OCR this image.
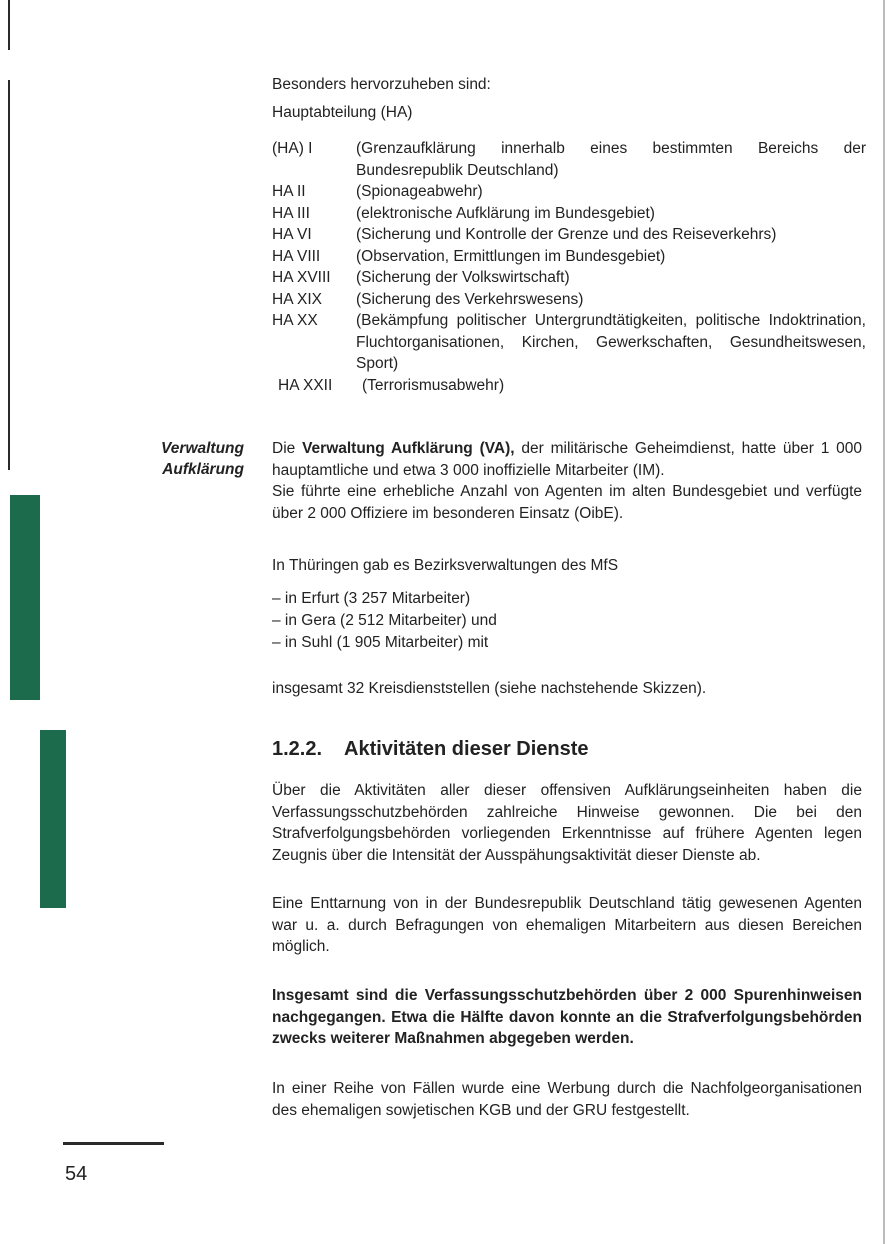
Besonders hervorzuheben sind:
Hauptabteilung (HA)
(HA) I	(Grenzaufklärung innerhalb eines bestimmten Bereichs der Bundesrepublik Deutschland)
HA II	(Spionageabwehr)
HA III	(elektronische Aufklärung im Bundesgebiet)
HA VI	(Sicherung und Kontrolle der Grenze und des Reiseverkehrs)
HA VIII	(Observation, Ermittlungen im Bundesgebiet)
HA XVIII	(Sicherung der Volkswirtschaft)
HA XIX	(Sicherung des Verkehrswesens)
HA XX	(Bekämpfung politischer Untergrundtätigkeiten, politische Indoktrination, Fluchtorganisationen, Kirchen, Gewerkschaften, Gesundheitswesen, Sport)
HA XXII	(Terrorismusabwehr)
Verwaltung
Aufklärung
Die Verwaltung Aufklärung (VA), der militärische Geheimdienst, hatte über 1 000 hauptamtliche und etwa 3 000 inoffizielle Mitarbeiter (IM).
Sie führte eine erhebliche Anzahl von Agenten im alten Bundesgebiet und verfügte über 2 000 Offiziere im besonderen Einsatz (OibE).
In Thüringen gab es Bezirksverwaltungen des MfS
– in Erfurt (3 257 Mitarbeiter)
– in Gera (2 512 Mitarbeiter) und
– in Suhl (1 905 Mitarbeiter) mit
insgesamt 32 Kreisdienststellen (siehe nachstehende Skizzen).
1.2.2. Aktivitäten dieser Dienste
Über die Aktivitäten aller dieser offensiven Aufklärungseinheiten haben die Verfassungsschutzbehörden zahlreiche Hinweise gewonnen. Die bei den Strafverfolgungsbehörden vorliegenden Erkenntnisse auf frühere Agenten legen Zeugnis über die Intensität der Ausspähungsaktivität dieser Dienste ab.
Eine Enttarnung von in der Bundesrepublik Deutschland tätig gewesenen Agenten war u. a. durch Befragungen von ehemaligen Mitarbeitern aus diesen Bereichen möglich.
Insgesamt sind die Verfassungsschutzbehörden über 2 000 Spurenhinweisen nachgegangen. Etwa die Hälfte davon konnte an die Strafverfolgungsbehörden zwecks weiterer Maßnahmen abgegeben werden.
In einer Reihe von Fällen wurde eine Werbung durch die Nachfolgeorganisationen des ehemaligen sowjetischen KGB und der GRU festgestellt.
54
